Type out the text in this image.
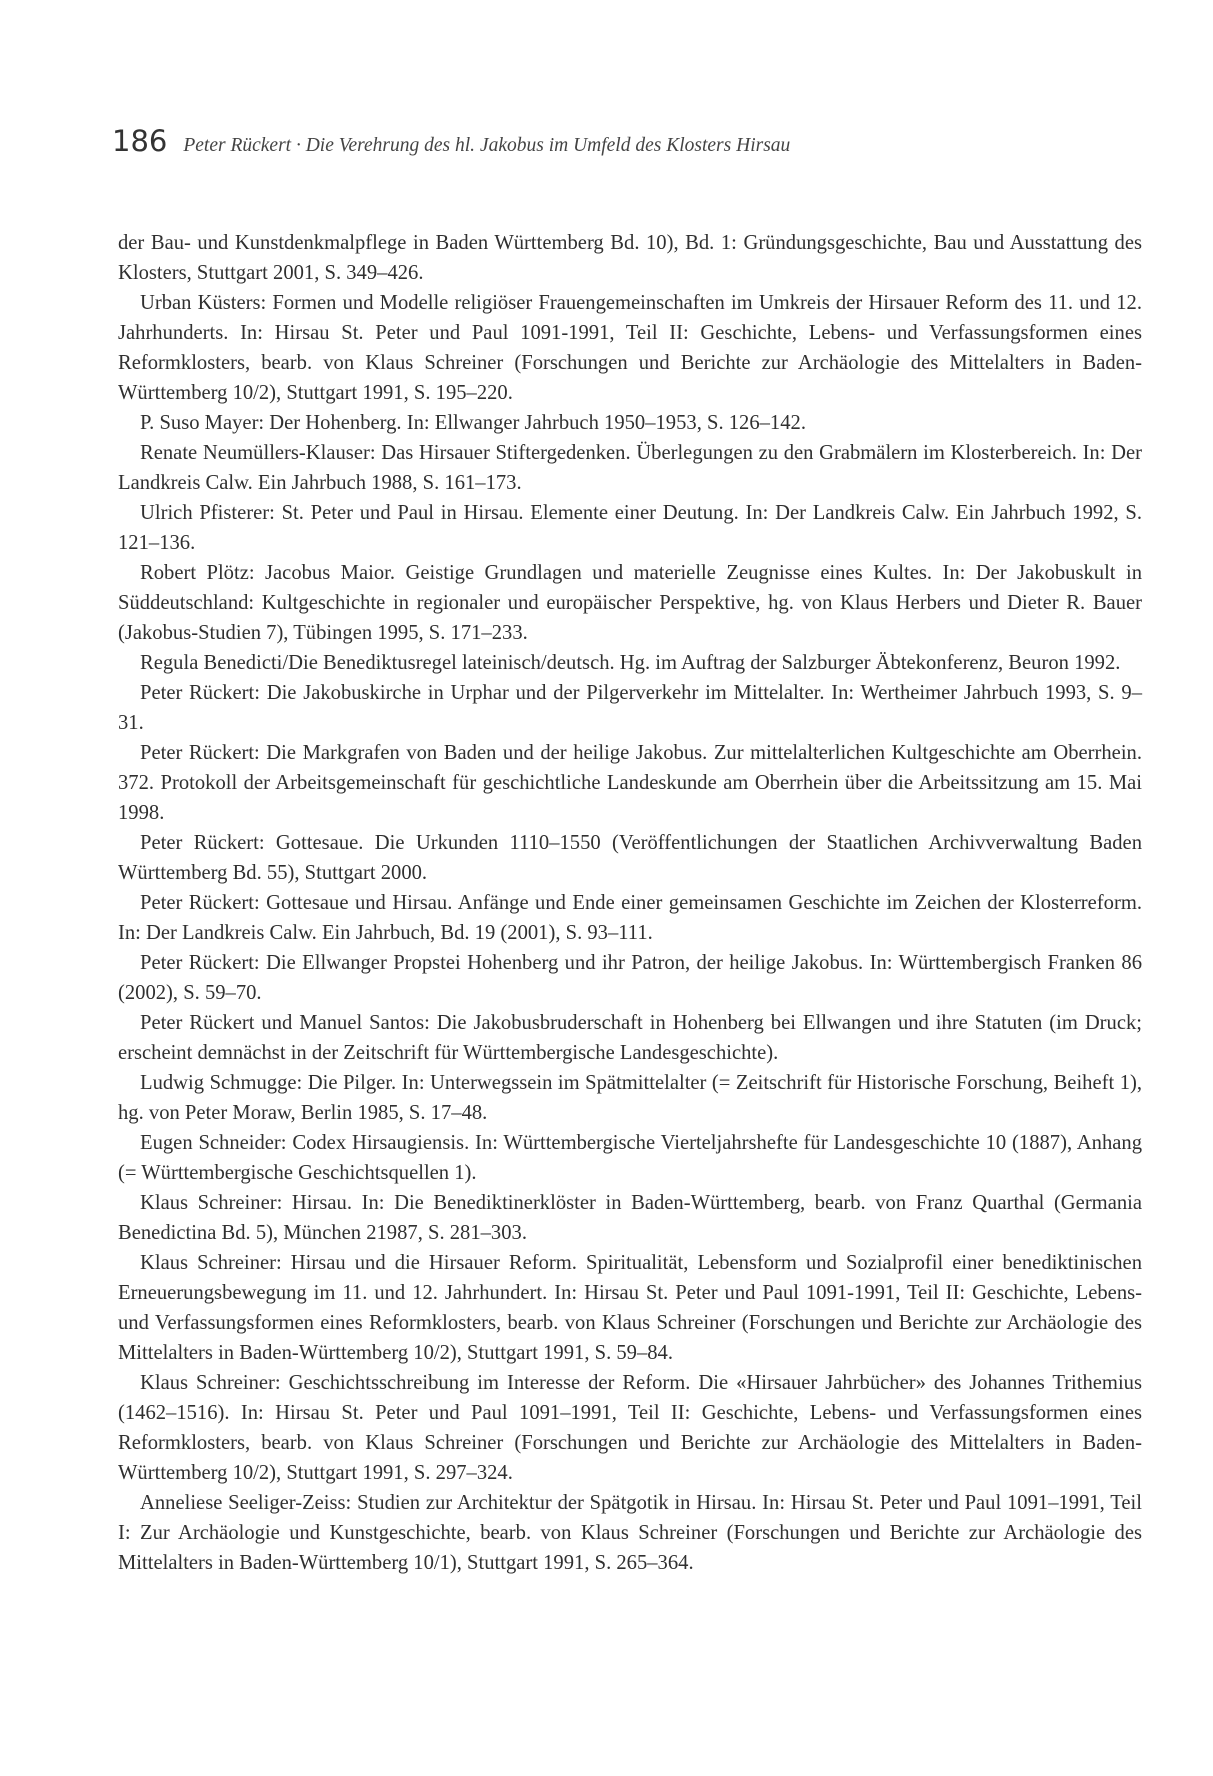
186 Peter Rückert · Die Verehrung des hl. Jakobus im Umfeld des Klosters Hirsau

der Bau- und Kunstdenkmalpflege in Baden Württemberg Bd. 10), Bd. 1: Gründungsgeschichte, Bau und Ausstattung des Klosters, Stuttgart 2001, S. 349–426.

Urban Küsters: Formen und Modelle religiöser Frauengemeinschaften im Umkreis der Hirsauer Reform des 11. und 12. Jahrhunderts. In: Hirsau St. Peter und Paul 1091-1991, Teil II: Geschichte, Lebens- und Verfassungsformen eines Reformklosters, bearb. von Klaus Schreiner (Forschungen und Berichte zur Archäologie des Mittelalters in Baden-Württemberg 10/2), Stuttgart 1991, S. 195–220.

P. Suso Mayer: Der Hohenberg. In: Ellwanger Jahrbuch 1950–1953, S. 126–142.

Renate Neumüllers-Klauser: Das Hirsauer Stiftergedenken. Überlegungen zu den Grabmälern im Klosterbereich. In: Der Landkreis Calw. Ein Jahrbuch 1988, S. 161–173.

Ulrich Pfisterer: St. Peter und Paul in Hirsau. Elemente einer Deutung. In: Der Landkreis Calw. Ein Jahrbuch 1992, S. 121–136.

Robert Plötz: Jacobus Maior. Geistige Grundlagen und materielle Zeugnisse eines Kultes. In: Der Jakobuskult in Süddeutschland: Kultgeschichte in regionaler und europäischer Perspektive, hg. von Klaus Herbers und Dieter R. Bauer (Jakobus-Studien 7), Tübingen 1995, S. 171–233.

Regula Benedicti/Die Benediktusregel lateinisch/deutsch. Hg. im Auftrag der Salzburger Äbtekonferenz, Beuron 1992.

Peter Rückert: Die Jakobuskirche in Urphar und der Pilgerverkehr im Mittelalter. In: Wertheimer Jahrbuch 1993, S. 9–31.

Peter Rückert: Die Markgrafen von Baden und der heilige Jakobus. Zur mittelalterlichen Kultgeschichte am Oberrhein. 372. Protokoll der Arbeitsgemeinschaft für geschichtliche Landeskunde am Oberrhein über die Arbeitssitzung am 15. Mai 1998.

Peter Rückert: Gottesaue. Die Urkunden 1110–1550 (Veröffentlichungen der Staatlichen Archivverwaltung Baden Württemberg Bd. 55), Stuttgart 2000.

Peter Rückert: Gottesaue und Hirsau. Anfänge und Ende einer gemeinsamen Geschichte im Zeichen der Klosterreform. In: Der Landkreis Calw. Ein Jahrbuch, Bd. 19 (2001), S. 93–111.

Peter Rückert: Die Ellwanger Propstei Hohenberg und ihr Patron, der heilige Jakobus. In: Württembergisch Franken 86 (2002), S. 59–70.

Peter Rückert und Manuel Santos: Die Jakobusbruderschaft in Hohenberg bei Ellwangen und ihre Statuten (im Druck; erscheint demnächst in der Zeitschrift für Württembergische Landesgeschichte).

Ludwig Schmugge: Die Pilger. In: Unterwegssein im Spätmittelalter (= Zeitschrift für Historische Forschung, Beiheft 1), hg. von Peter Moraw, Berlin 1985, S. 17–48.

Eugen Schneider: Codex Hirsaugiensis. In: Württembergische Vierteljahrshefte für Landesgeschichte 10 (1887), Anhang (= Württembergische Geschichtsquellen 1).

Klaus Schreiner: Hirsau. In: Die Benediktinerklöster in Baden-Württemberg, bearb. von Franz Quarthal (Germania Benedictina Bd. 5), München 21987, S. 281–303.

Klaus Schreiner: Hirsau und die Hirsauer Reform. Spiritualität, Lebensform und Sozialprofil einer benediktinischen Erneuerungsbewegung im 11. und 12. Jahrhundert. In: Hirsau St. Peter und Paul 1091-1991, Teil II: Geschichte, Lebens- und Verfassungsformen eines Reformklosters, bearb. von Klaus Schreiner (Forschungen und Berichte zur Archäologie des Mittelalters in Baden-Württemberg 10/2), Stuttgart 1991, S. 59–84.

Klaus Schreiner: Geschichtsschreibung im Interesse der Reform. Die «Hirsauer Jahrbücher» des Johannes Trithemius (1462–1516). In: Hirsau St. Peter und Paul 1091–1991, Teil II: Geschichte, Lebens- und Verfassungsformen eines Reformklosters, bearb. von Klaus Schreiner (Forschungen und Berichte zur Archäologie des Mittelalters in Baden-Württemberg 10/2), Stuttgart 1991, S. 297–324.

Anneliese Seeliger-Zeiss: Studien zur Architektur der Spätgotik in Hirsau. In: Hirsau St. Peter und Paul 1091–1991, Teil I: Zur Archäologie und Kunstgeschichte, bearb. von Klaus Schreiner (Forschungen und Berichte zur Archäologie des Mittelalters in Baden-Württemberg 10/1), Stuttgart 1991, S. 265–364.
